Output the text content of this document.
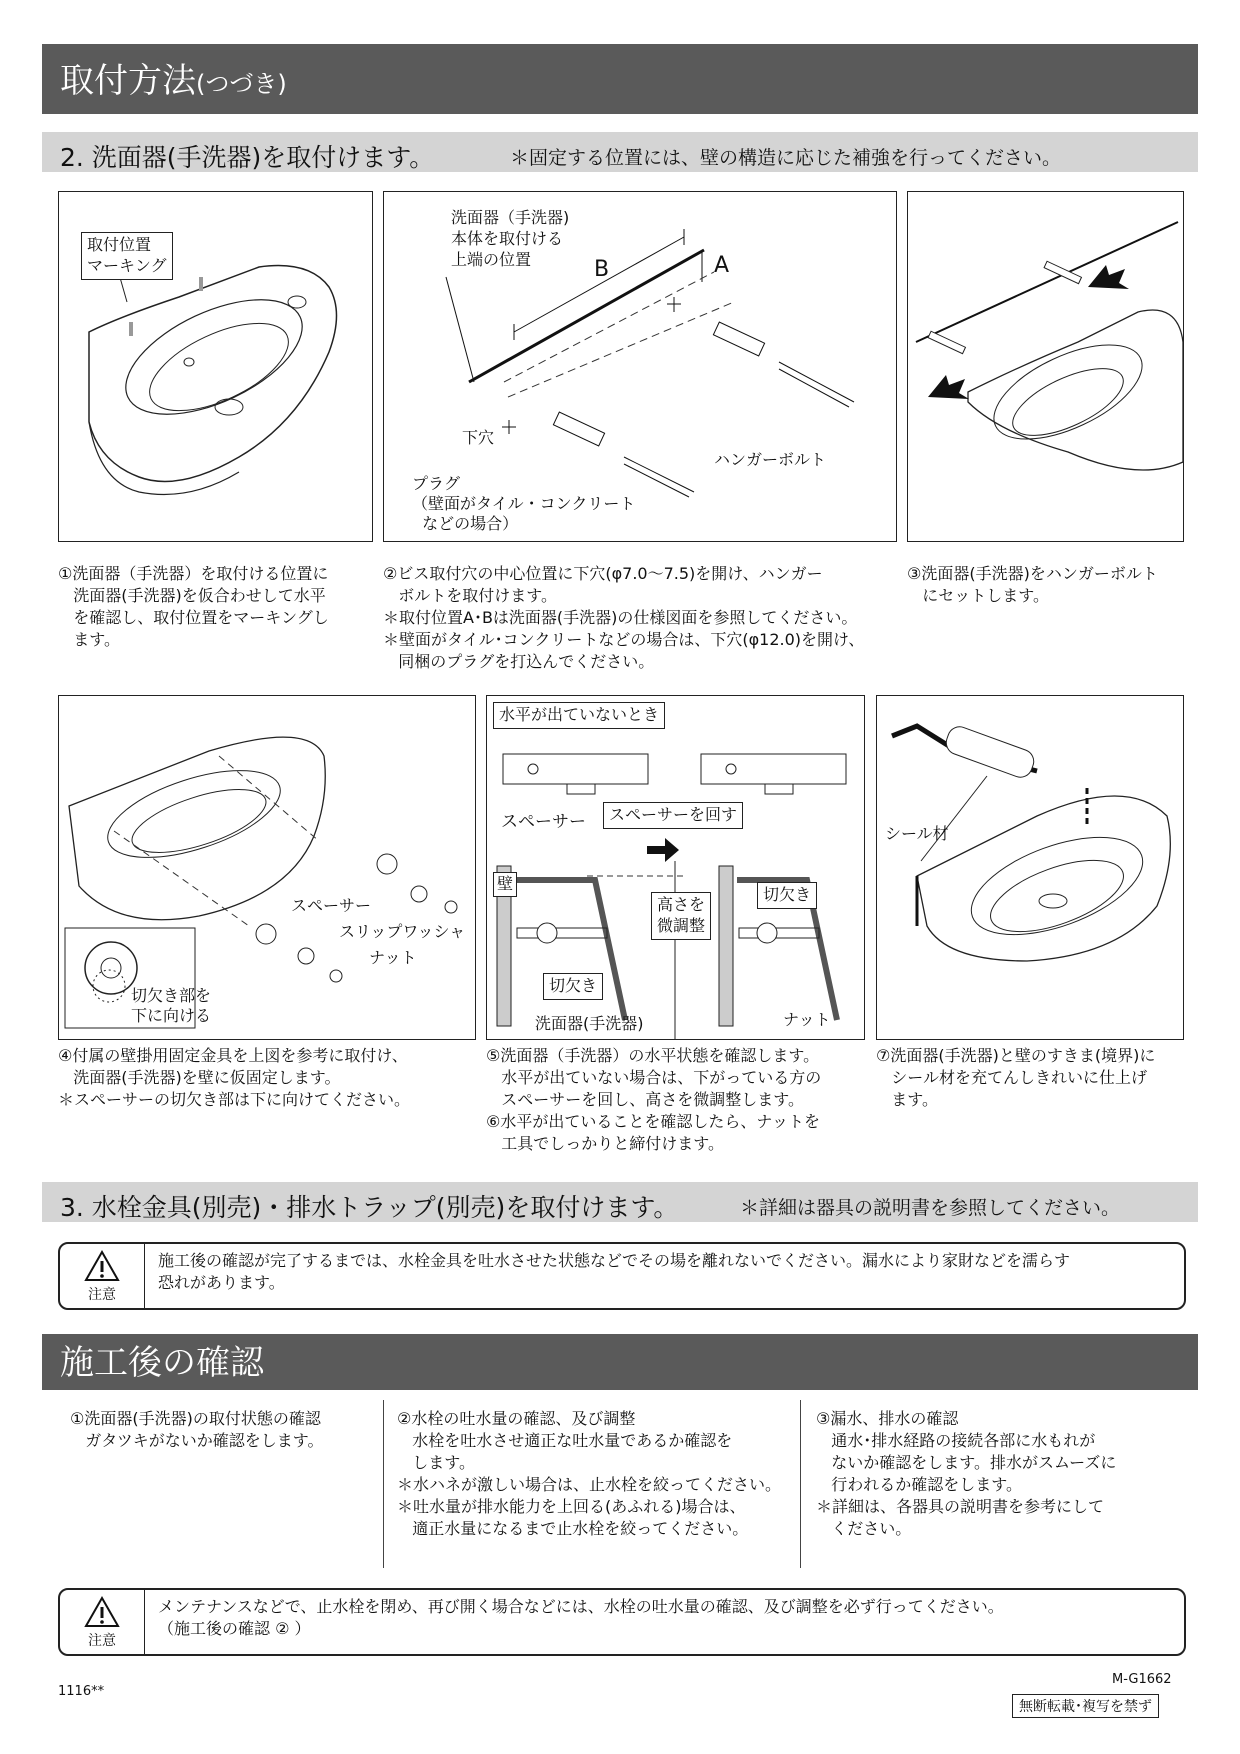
取付方法(つづき)
2. 洗面器(手洗器)を取付けます。	＊固定する位置には、壁の構造に応じた補強を行ってください。
取付位置
マーキング
洗面器（手洗器)
本体を取付ける
上端の位置	B	A
下穴
ハンガーボルト
プラグ
（壁面がタイル・コンクリート
などの場合）
①洗面器（手洗器）を取付ける位置に
洗面器(手洗器)を仮合わせして水平
を確認し、取付位置をマーキングし
ます。
②ビス取付穴の中心位置に下穴(φ7.0〜7.5)を開け、ハンガー
ボルトを取付けます。
＊取付位置A･Bは洗面器(手洗器)の仕様図面を参照してください。
＊壁面がタイル･コンクリートなどの場合は、下穴(φ12.0)を開け、
同梱のプラグを打込んでください。
③洗面器(手洗器)をハンガーボルト
にセットします。
スペーサー
スリップワッシャ
ナット
切欠き部を
下に向ける
水平が出ていないとき
スペーサー	スペーサーを回す
壁
高さを
微調整
切欠き
切欠き
洗面器(手洗器)	ナット
シール材
④付属の壁掛用固定金具を上図を参考に取付け、
洗面器(手洗器)を壁に仮固定します。
＊スペーサーの切欠き部は下に向けてください。
⑤洗面器（手洗器）の水平状態を確認します。
水平が出ていない場合は、下がっている方の
スペーサーを回し、高さを微調整します。
⑥水平が出ていることを確認したら、ナットを
工具でしっかりと締付けます。
⑦洗面器(手洗器)と壁のすきま(境界)に
シール材を充てんしきれいに仕上げ
ます。
3. 水栓金具(別売)・排水トラップ(別売)を取付けます。	＊詳細は器具の説明書を参照してください。
注意
施工後の確認が完了するまでは、水栓金具を吐水させた状態などでその場を離れないでください。漏水により家財などを濡らす
恐れがあります。
施工後の確認
①洗面器(手洗器)の取付状態の確認
ガタツキがないか確認をします。
②水栓の吐水量の確認、及び調整
水栓を吐水させ適正な吐水量であるか確認を
します。
＊水ハネが激しい場合は、止水栓を絞ってください。
＊吐水量が排水能力を上回る(あふれる)場合は、
適正水量になるまで止水栓を絞ってください。
③漏水、排水の確認
通水･排水経路の接続各部に水もれが
ないか確認をします。排水がスムーズに
行われるか確認をします。
＊詳細は、各器具の説明書を参考にして
ください。
注意
メンテナンスなどで、止水栓を閉め、再び開く場合などには、水栓の吐水量の確認、及び調整を必ず行ってください。
（施工後の確認 ② ）
1116**
M-G1662
無断転載･複写を禁ず
